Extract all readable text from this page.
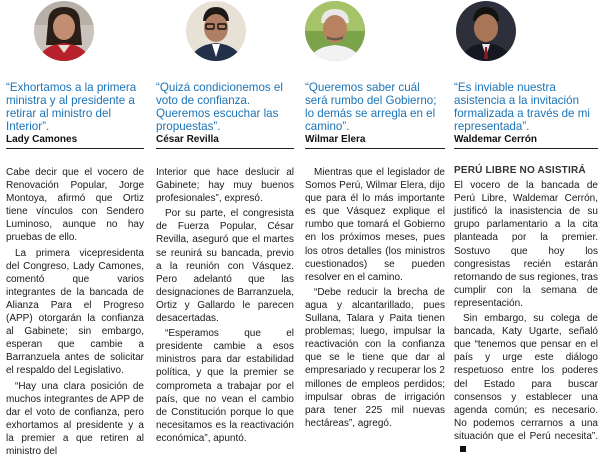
“Exhortamos a la primera ministra y al presidente a retirar al ministro del Interior”.
Lady Camones

Cabe decir que el vocero de Renovación Popular, Jorge Montoya, afirmó que Ortiz tiene vínculos con Sendero Luminoso, aunque no hay pruebas de ello.

La primera vicepresidenta del Congreso, Lady Camones, comentó que varios integrantes de la bancada de Alianza Para el Progreso (APP) otorgarán la confianza al Gabinete; sin embargo, esperan que cambie a Barranzuela antes de solicitar el respaldo del Legislativo.

“Hay una clara posición de muchos integrantes de APP de dar el voto de confianza, pero exhortamos al presidente y a la premier a que retiren al ministro del

“Quizá condicionemos el voto de confianza. Queremos escuchar las propuestas”.
César Revilla

Interior que hace deslucir al Gabinete; hay muy buenos profesionales”, expresó.

Por su parte, el congresista de Fuerza Popular, César Revilla, aseguró que el martes se reunirá su bancada, previo a la reunión con Vásquez. Pero adelantó que las designaciones de Barranzuela, Ortiz y Gallardo le parecen desacertadas.

“Esperamos que el presidente cambie a esos ministros para dar estabilidad política, y que la premier se comprometa a trabajar por el país, que no vean el cambio de Constitución porque lo que necesitamos es la reactivación económica”, apuntó.

“Queremos saber cuál será rumbo del Gobierno; lo demás se arregla en el camino”.
Wilmar Elera

Mientras que el legislador de Somos Perú, Wilmar Elera, dijo que para él lo más importante es que Vásquez explique el rumbo que tomará el Gobierno en los próximos meses, pues los otros detalles (los ministros cuestionados) se pueden resolver en el camino.

“Debe reducir la brecha de agua y alcantarillado, pues Sullana, Talara y Paita tienen problemas; luego, impulsar la reactivación con la confianza que se le tiene que dar al empresariado y recuperar los 2 millones de empleos perdidos; impulsar obras de irrigación para tener 225 mil nuevas hectáreas”, agregó.

“Es inviable nuestra asistencia a la invitación formalizada a través de mi representada”.
Waldemar Cerrón
PERÚ LIBRE NO ASISTIRÁ

El vocero de la bancada de Perú Libre, Waldemar Cerrón, justificó la inasistencia de su grupo parlamentario a la cita planteada por la premier. Sostuvo que hoy los congresistas recién estarán retornando de sus regiones, tras cumplir con la semana de representación.

Sin embargo, su colega de bancada, Katy Ugarte, señaló que “tenemos que pensar en el país y urge este diálogo respetuoso entre los poderes del Estado para buscar consensos y establecer una agenda común; es necesario. No podemos cerrarnos a una situación que el Perú necesita”.
